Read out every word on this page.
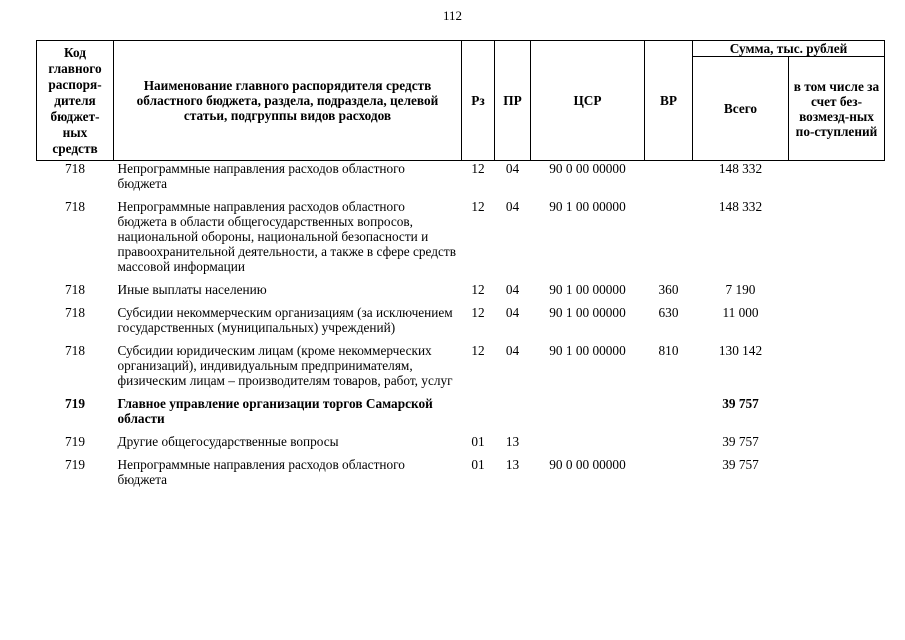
112
Код главного распоря-дителя бюджет-ных средств	Наименование главного распорядителя средств областного бюджета, раздела, подраздела, целевой статьи, подгруппы видов расходов	Рз	ПР	ЦСР	ВР	Сумма, тыс. рублей	
						Всего	в том числе за счет без-возмезд-ных по-ступлений
718	Непрограммные направления расходов областного бюджета	12	04	90 0 00 00000		148 332	
718	Непрограммные направления расходов областного бюджета в области общегосударственных вопросов, национальной обороны, национальной безопасности и правоохранительной деятельности, а также в сфере средств массовой информации	12	04	90 1 00 00000		148 332	
718	Иные выплаты населению	12	04	90 1 00 00000	360	7 190	
718	Субсидии некоммерческим организациям (за исключением государственных (муниципальных) учреждений)	12	04	90 1 00 00000	630	11 000	
718	Субсидии юридическим лицам (кроме некоммерческих организаций), индивидуальным предпринимателям, физическим лицам – производителям товаров, работ, услуг	12	04	90 1 00 00000	810	130 142	
719	Главное управление организации торгов Самарской области					39 757	
719	Другие общегосударственные вопросы	01	13			39 757	
719	Непрограммные направления расходов областного бюджета	01	13	90 0 00 00000		39 757	
